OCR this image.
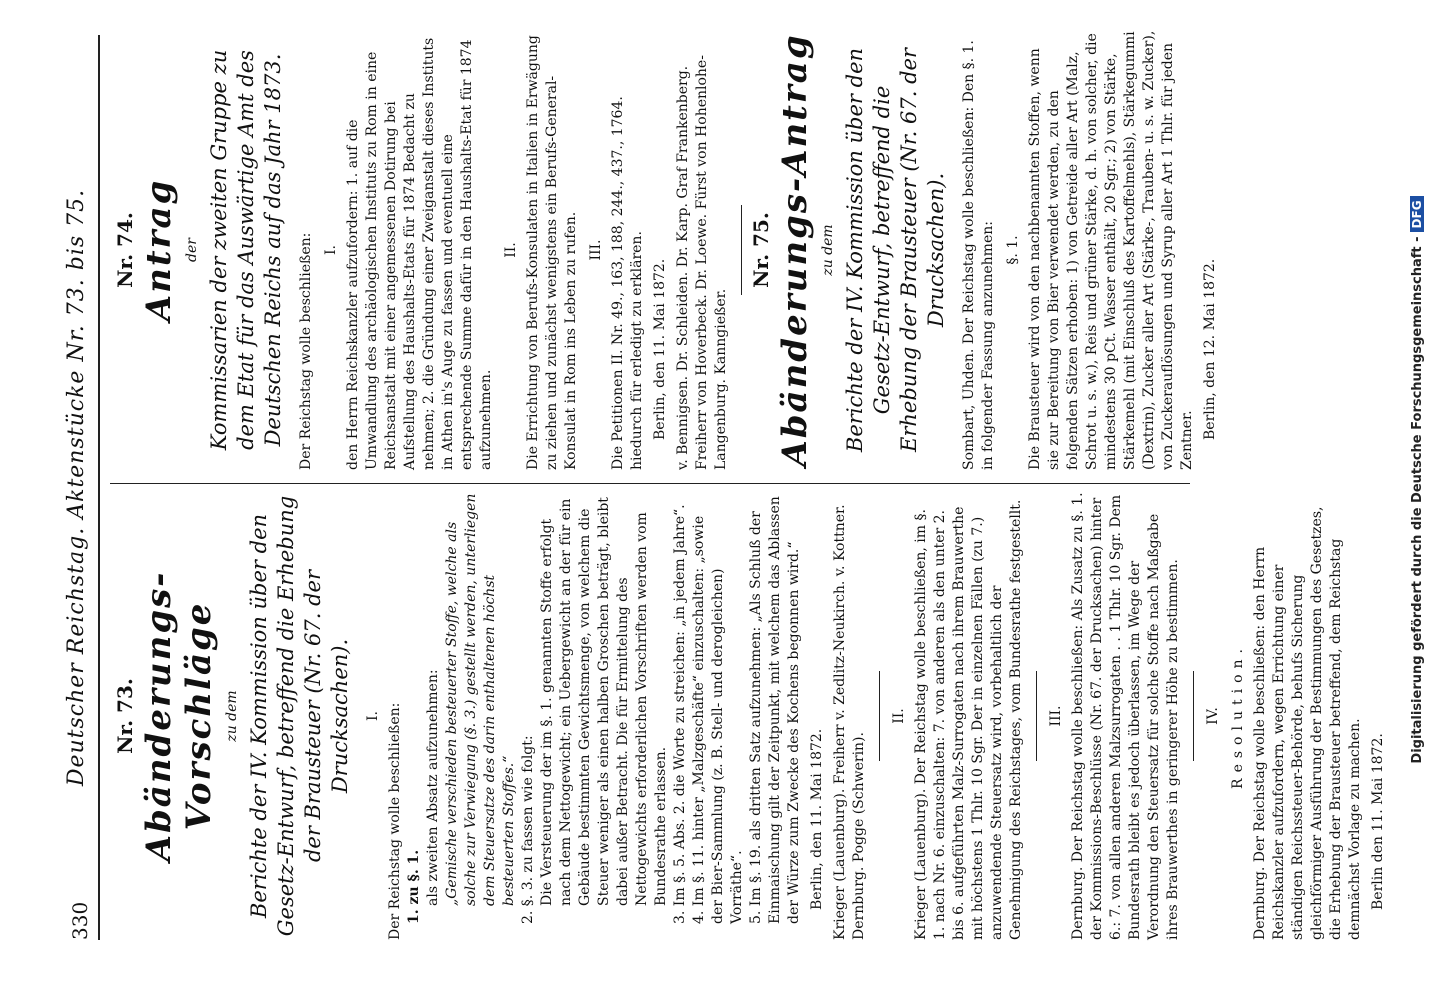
330
Deutscher Reichstag. Aktenstücke Nr. 73. bis 75. Nr. 73. Abänderungs-Vorschläge zu dem Berichte der IV. Kommission über den Gesetz-Entwurf, betreffend die Erhebung der Brausteuer (Nr. 67. der Drucksachen). I. Der Reichstag wolle beschließen: 1. zu §. 1. als zweiten Absatz aufzunehmen: „Gemische verschieden besteuerter Stoffe, welche als solche zur Verwiegung (§. 3.) gestellt werden, unterliegen dem Steuersatze des darin enthaltenen höchst besteuerten Stoffes.“ 2. §. 3. zu fassen wie folgt: Die Versteuerung der im §. 1. genannten Stoffe erfolgt nach dem Nettogewicht; ein Uebergewicht an der für ein Gebäude bestimmten Gewichtsmenge, von welchem die Steuer weniger als einen halben Groschen beträgt, bleibt dabei außer Betracht. Die für Ermittelung des Nettogewichts erforderlichen Vorschriften werden vom Bundesrathe erlassen. 3. Im §. 5. Abs. 2. die Worte zu streichen: „in jedem Jahre“. 4. Im §. 11. hinter „Malzgeschäfte“ einzuschalten: „sowie der Bier-Sammlung (z. B. Stell- und derogleichen) Vorräthe“. 5. Im §. 19. als dritten Satz aufzunehmen: „Als Schluß der Einmaischung gilt der Zeitpunkt, mit welchem das Ablassen der Würze zum Zwecke des Kochens begonnen wird.“ Berlin, den 11. Mai 1872. Krieger (Lauenburg). Freiherr v. Zedlitz-Neukirch. v. Kottner. Dernburg. Pogge (Schwerin).

II. Krieger (Lauenburg). Der Reichstag wolle beschließen, im §. 1. nach Nr. 6. einzuschalten: 7. von anderen als den unter 2. bis 6. aufgeführten Malz-Surrogaten nach ihrem Brauwerthe mit höchstens 1 Thlr. 10 Sgr. Der in einzelnen Fällen (zu 7.) anzuwendende Steuersatz wird, vorbehaltlich der Genehmigung des Reichstages, vom Bundesrathe festgestellt. III. Dernburg. Der Reichstag wolle beschließen: Als Zusatz zu §. 1. der Kommissions-Beschlüsse (Nr. 67. der Drucksachen) hinter 6.: 7. von allen anderen Malzsurrogaten . . 1 Thlr. 10 Sgr. Dem Bundesrath bleibt es jedoch überlassen, im Wege der Verordnung den Steuersatz für solche Stoffe nach Maßgabe ihres Brauwerthes in geringerer Höhe zu bestimmen. IV. Resolution. Dernburg. Der Reichstag wolle beschließen: den Herrn Reichskanzler aufzufordern, wegen Errichtung einer ständigen Reichssteuer-Behörde, behufs Sicherung gleichförmiger Ausführung der Bestimmungen des Gesetzes, die Erhebung der Brausteuer betreffend, dem Reichstag demnächst Vorlage zu machen. Berlin den 11. Mai 1872.

Nr. 74. Antrag der Kommissarien der zweiten Gruppe zu dem Etat für das Auswärtige Amt des Deutschen Reichs auf das Jahr 1873. Der Reichstag wolle beschließen: I. den Herrn Reichskanzler aufzufordern: 1. auf die Umwandlung des archäologischen Instituts zu Rom in eine Reichsanstalt mit einer angemessenen Dotirung bei Aufstellung des Haushalts-Etats für 1874 Bedacht zu nehmen; 2. die Gründung einer Zweiganstalt dieses Instituts in Athen in's Auge zu fassen und eventuell eine entsprechende Summe dafür in den Haushalts-Etat für 1874 aufzunehmen.

II. Die Errichtung von Berufs-Konsulaten in Italien in Erwägung zu ziehen und zunächst wenigstens ein Berufs-General-Konsulat in Rom ins Leben zu rufen. III. Die Petitionen II. Nr. 49., 163, 188, 244., 437., 1764. hiedurch für erledigt zu erklären. Berlin, den 11. Mai 1872. v. Bennigsen. Dr. Schleiden. Dr. Karp. Graf Frankenberg. Freiherr von Hoverbeck. Dr. Loewe. Fürst von Hohenlohe-Langenburg. Kanngießer.

Nr. 75. Abänderungs-Antrag zu dem Berichte der IV. Kommission über den Gesetz-Entwurf, betreffend die Erhebung der Brausteuer (Nr. 67. der Drucksachen). Sombart, Uhden. Der Reichstag wolle beschließen: Den §. 1. in folgender Fassung anzunehmen: §. 1. Die Brausteuer wird von den nachbenannten Stoffen, wenn sie zur Bereitung von Bier verwendet werden, zu den folgenden Sätzen erhoben: 1) von Getreide aller Art (Malz, Schrot u. s. w.), Reis und grüner Stärke, d. h. von solcher, die mindestens 30 pCt. Wasser enthält, 20 Sgr.; 2) von Stärke, Stärkemehl (mit Einschluß des Kartoffelmehls), Stärkegummi (Dextrin), Zucker aller Art (Stärke-, Trauben- u. s. w. Zucker), von Zuckerauflösungen und Syrup aller Art 1 Thlr. für jeden Zentner.

Berlin, den 12. Mai 1872.	Digitalisierung gefördert durch die Deutsche Forschungsgemeinschaft -DFG
